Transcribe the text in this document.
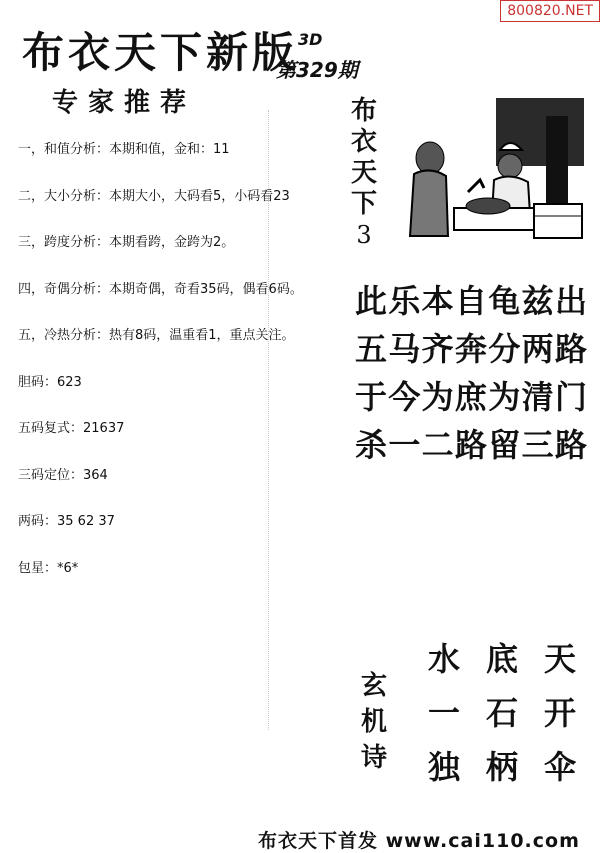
布衣天下新版 3D
第329期
800820.NET
专家推荐
一，和值分析：本期和值，金和：11
二，大小分析：本期大小，大码看5，小码看23
三，跨度分析：本期看跨，金跨为2。
四，奇偶分析：本期奇偶，奇看35码，偶看6码。
五，冷热分析：热有8码，温重看1，重点关注。
胆码：623
五码复式：21637
三码定位：364
两码：35 62 37
包星：*6*
布
衣
天
下
3
此 乐 本 自 龟 兹 出
五 马 齐 奔 分 两 路
于 今 为 庶 为 清 门
杀 一 二 路 留 三 路
玄
机
诗
水 底 天
一 石 开
独 柄 伞
布衣天下首发 www.cai110.com
